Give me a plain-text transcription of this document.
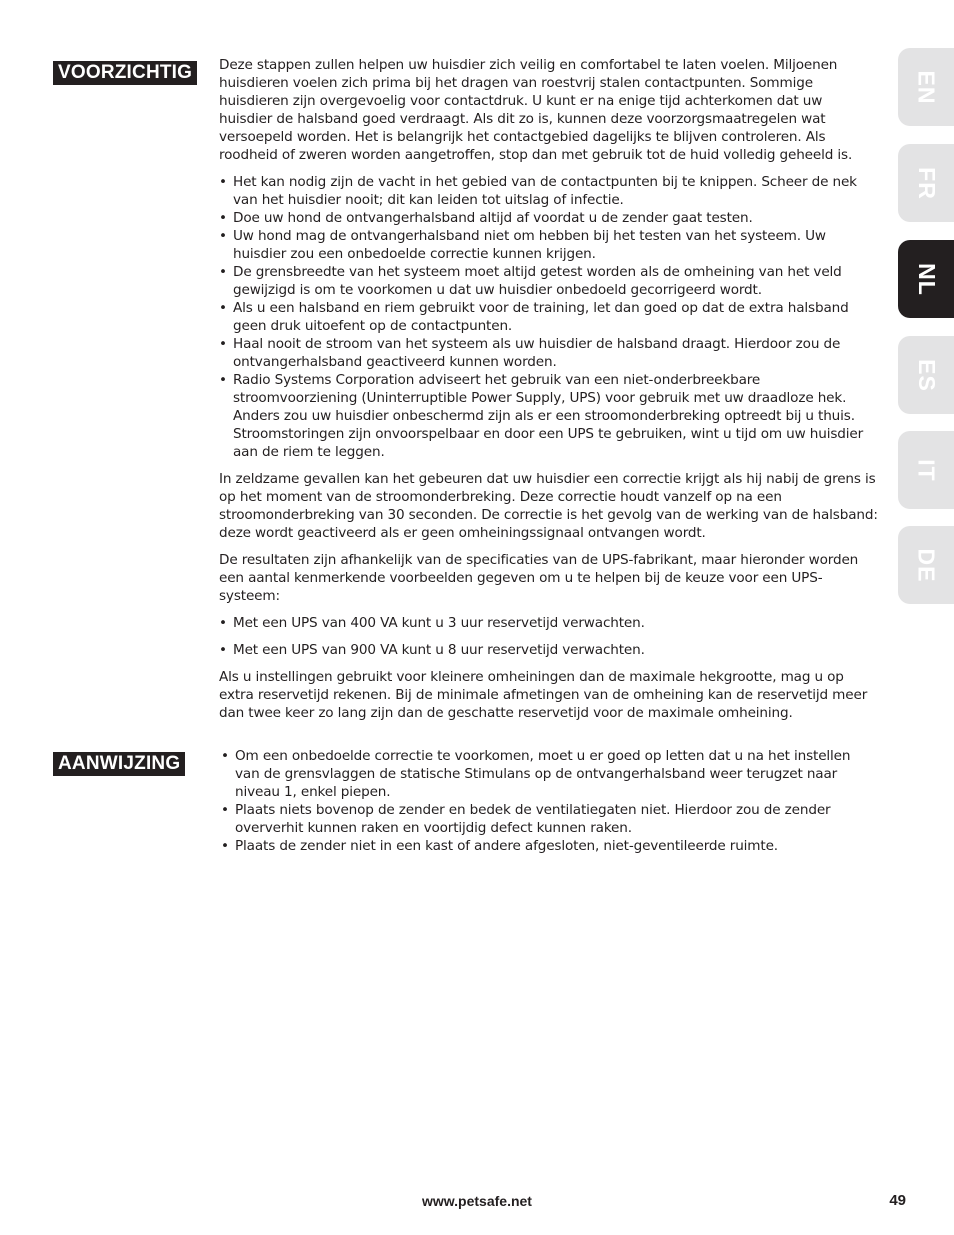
VOORZICHTIG	Deze stappen zullen helpen uw huisdier zich veilig en comfortabel te laten voelen. Miljoenen huisdieren voelen zich prima bij het dragen van roestvrij stalen contactpunten. Sommige huisdieren zijn overgevoelig voor contactdruk. U kunt er na enige tijd achterkomen dat uw huisdier de halsband goed verdraagt. Als dit zo is, kunnen deze voorzorgsmaatregelen wat versoepeld worden. Het is belangrijk het contactgebied dagelijks te blijven controleren. Als roodheid of zweren worden aangetroffen, stop dan met gebruik tot de huid volledig geheeld is.

• Het kan nodig zijn de vacht in het gebied van de contactpunten bij te knippen. Scheer de nek van het huisdier nooit; dit kan leiden tot uitslag of infectie.
• Doe uw hond de ontvangerhalsband altijd af voordat u de zender gaat testen.
• Uw hond mag de ontvangerhalsband niet om hebben bij het testen van het systeem. Uw huisdier zou een onbedoelde correctie kunnen krijgen.
• De grensbreedte van het systeem moet altijd getest worden als de omheining van het veld gewijzigd is om te voorkomen u dat uw huisdier onbedoeld gecorrigeerd wordt.
• Als u een halsband en riem gebruikt voor de training, let dan goed op dat de extra halsband geen druk uitoefent op de contactpunten.
• Haal nooit de stroom van het systeem als uw huisdier de halsband draagt. Hierdoor zou de ontvangerhalsband geactiveerd kunnen worden.
• Radio Systems Corporation adviseert het gebruik van een niet-onderbreekbare stroomvoorziening (Uninterruptible Power Supply, UPS) voor gebruik met uw draadloze hek. Anders zou uw huisdier onbeschermd zijn als er een stroomonderbreking optreedt bij u thuis. Stroomstoringen zijn onvoorspelbaar en door een UPS te gebruiken, wint u tijd om uw huisdier aan de riem te leggen.

In zeldzame gevallen kan het gebeuren dat uw huisdier een correctie krijgt als hij nabij de grens is op het moment van de stroomonderbreking. Deze correctie houdt vanzelf op na een stroomonderbreking van 30 seconden. De correctie is het gevolg van de werking van de halsband: deze wordt geactiveerd als er geen omheiningssignaal ontvangen wordt.

De resultaten zijn afhankelijk van de specificaties van de UPS-fabrikant, maar hieronder worden een aantal kenmerkende voorbeelden gegeven om u te helpen bij de keuze voor een UPS-systeem:

• Met een UPS van 400 VA kunt u 3 uur reservetijd verwachten.
• Met een UPS van 900 VA kunt u 8 uur reservetijd verwachten.

Als u instellingen gebruikt voor kleinere omheiningen dan de maximale hekgrootte, mag u op extra reservetijd rekenen. Bij de minimale afmetingen van de omheining kan de reservetijd meer dan twee keer zo lang zijn dan de geschatte reservetijd voor de maximale omheining.

AANWIJZING	• Om een onbedoelde correctie te voorkomen, moet u er goed op letten dat u na het instellen van de grensvlaggen de statische Stimulans op de ontvangerhalsband weer terugzet naar niveau 1, enkel piepen.
• Plaats niets bovenop de zender en bedek de ventilatiegaten niet. Hierdoor zou de zender oververhit kunnen raken en voortijdig defect kunnen raken.
• Plaats de zender niet in een kast of andere afgesloten, niet-geventileerde ruimte.
EN
FR
NL
ES
IT
DE
www.petsafe.net	49
